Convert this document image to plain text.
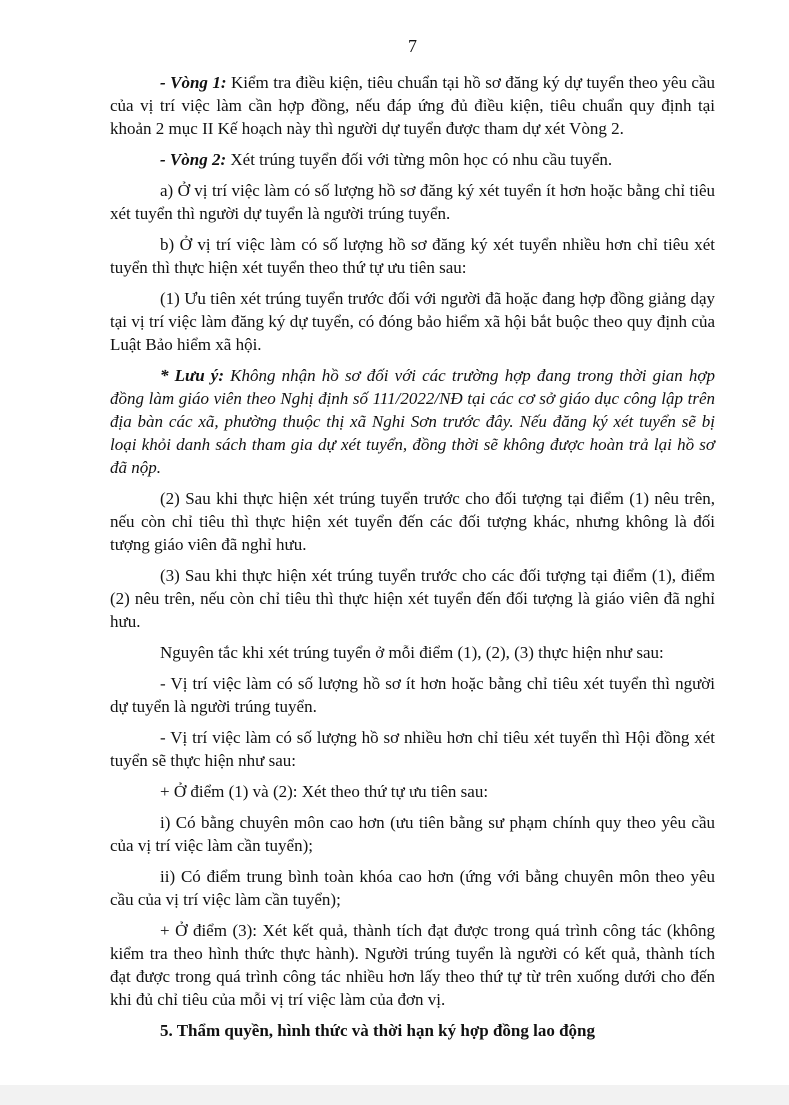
7

- Vòng 1: Kiểm tra điều kiện, tiêu chuẩn tại hồ sơ đăng ký dự tuyển theo yêu cầu của vị trí việc làm cần hợp đồng, nếu đáp ứng đủ điều kiện, tiêu chuẩn quy định tại khoản 2 mục II Kế hoạch này thì người dự tuyển được tham dự xét Vòng 2.

- Vòng 2: Xét trúng tuyển đối với từng môn học có nhu cầu tuyển.

a) Ở vị trí việc làm có số lượng hồ sơ đăng ký xét tuyển ít hơn hoặc bằng chỉ tiêu xét tuyển thì người dự tuyển là người trúng tuyển.

b) Ở vị trí việc làm có số lượng hồ sơ đăng ký xét tuyển nhiều hơn chỉ tiêu xét tuyển thì thực hiện xét tuyển theo thứ tự ưu tiên sau:

(1) Ưu tiên xét trúng tuyển trước đối với người đã hoặc đang hợp đồng giảng dạy tại vị trí việc làm đăng ký dự tuyển, có đóng bảo hiểm xã hội bắt buộc theo quy định của Luật Bảo hiểm xã hội.

* Lưu ý: Không nhận hồ sơ đối với các trường hợp đang trong thời gian hợp đồng làm giáo viên theo Nghị định số 111/2022/NĐ tại các cơ sở giáo dục công lập trên địa bàn các xã, phường thuộc thị xã Nghi Sơn trước đây. Nếu đăng ký xét tuyển sẽ bị loại khỏi danh sách tham gia dự xét tuyển, đồng thời sẽ không được hoàn trả lại hồ sơ đã nộp.

(2) Sau khi thực hiện xét trúng tuyển trước cho đối tượng tại điểm (1) nêu trên, nếu còn chỉ tiêu thì thực hiện xét tuyển đến các đối tượng khác, nhưng không là đối tượng giáo viên đã nghỉ hưu.

(3) Sau khi thực hiện xét trúng tuyển trước cho các đối tượng tại điểm (1), điểm (2) nêu trên, nếu còn chỉ tiêu thì thực hiện xét tuyển đến đối tượng là giáo viên đã nghỉ hưu.

Nguyên tắc khi xét trúng tuyển ở mỗi điểm (1), (2), (3) thực hiện như sau:

- Vị trí việc làm có số lượng hồ sơ ít hơn hoặc bằng chỉ tiêu xét tuyển thì người dự tuyển là người trúng tuyển.

- Vị trí việc làm có số lượng hồ sơ nhiều hơn chỉ tiêu xét tuyển thì Hội đồng xét tuyển sẽ thực hiện như sau:

+ Ở điểm (1) và (2): Xét theo thứ tự ưu tiên sau:

i) Có bằng chuyên môn cao hơn (ưu tiên bằng sư phạm chính quy theo yêu cầu của vị trí việc làm cần tuyển);

ii) Có điểm trung bình toàn khóa cao hơn (ứng với bằng chuyên môn theo yêu cầu của vị trí việc làm cần tuyển);

+ Ở điểm (3): Xét kết quả, thành tích đạt được trong quá trình công tác (không kiểm tra theo hình thức thực hành). Người trúng tuyển là người có kết quả, thành tích đạt được trong quá trình công tác nhiều hơn lấy theo thứ tự từ trên xuống dưới cho đến khi đủ chỉ tiêu của mỗi vị trí việc làm của đơn vị.

5. Thẩm quyền, hình thức và thời hạn ký hợp đồng lao động
